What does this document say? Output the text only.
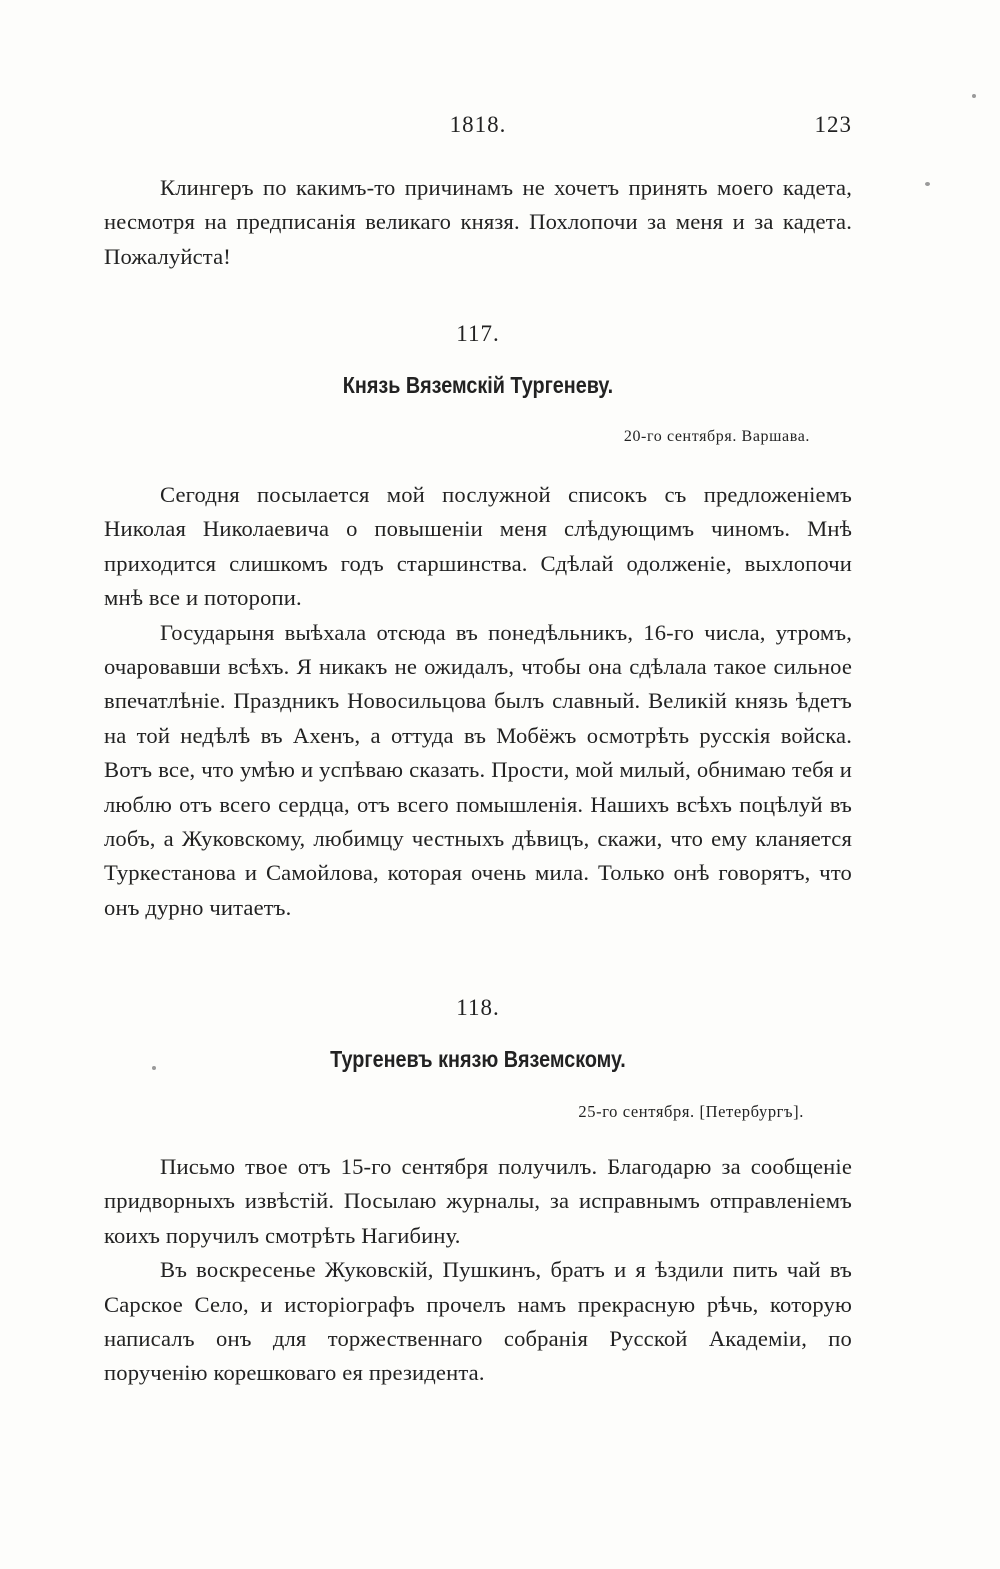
1818.	123

Клингеръ по какимъ-то причинамъ не хочетъ принять моего кадета, несмотря на предписанія великаго князя. Похлопочи за меня и за кадета. Пожалуйста!

117.
Князь Вяземскій Тургеневу.
20-го сентября. Варшава.

Сегодня посылается мой послужной списокъ съ предложеніемъ Николая Николаевича о повышеніи меня слѣдующимъ чиномъ. Мнѣ приходится слишкомъ годъ старшинства. Сдѣлай одолженіе, выхлопочи мнѣ все и поторопи.

Государыня выѣхала отсюда въ понедѣльникъ, 16-го числа, утромъ, очаровавши всѣхъ. Я никакъ не ожидалъ, чтобы она сдѣлала такое сильное впечатлѣніе. Праздникъ Новосильцова былъ славный. Великій князь ѣдетъ на той недѣлѣ въ Ахенъ, а оттуда въ Мобёжъ осмотрѣть русскія войска. Вотъ все, что умѣю и успѣваю сказать. Прости, мой милый, обнимаю тебя и люблю отъ всего сердца, отъ всего помышленія. Нашихъ всѣхъ поцѣлуй въ лобъ, а Жуковскому, любимцу честныхъ дѣвицъ, скажи, что ему кланяется Туркестанова и Самойлова, которая очень мила. Только онѣ говорятъ, что онъ дурно читаетъ.

118.
Тургеневъ князю Вяземскому.
25-го сентября. [Петербургъ].

Письмо твое отъ 15-го сентября получилъ. Благодарю за сообщеніе придворныхъ извѣстій. Посылаю журналы, за исправнымъ отправленіемъ коихъ поручилъ смотрѣть Нагибину.

Въ воскресенье Жуковскій, Пушкинъ, братъ и я ѣздили пить чай въ Сарское Село, и исторіографъ прочелъ намъ прекрасную рѣчь, которую написалъ онъ для торжественнаго собранія Русской Академіи, по порученію корешковаго ея президента.
